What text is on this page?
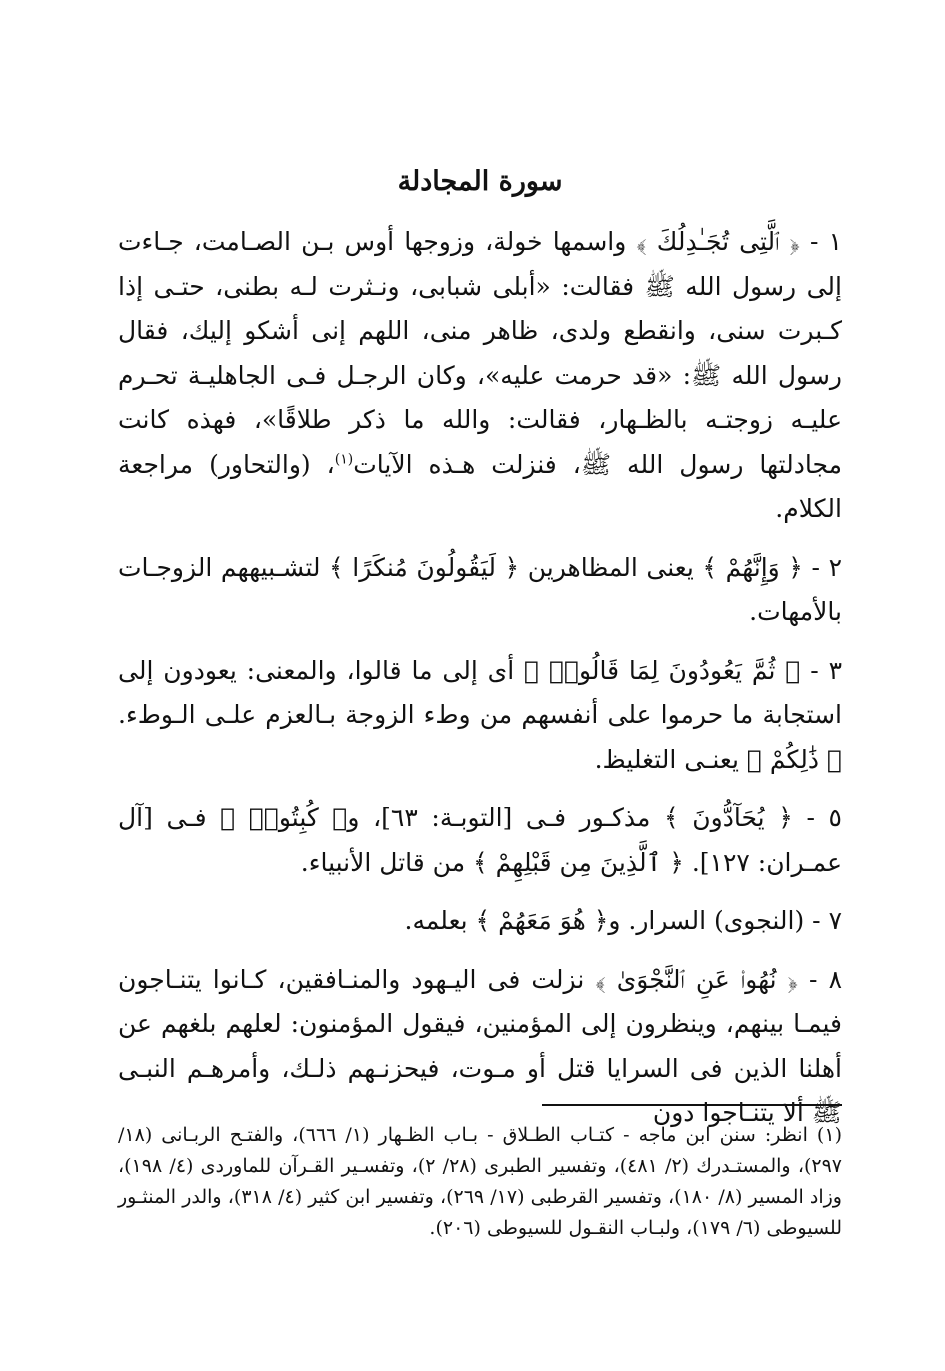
سورة المجادلة

١ - ﴿ ٱلَّتِى تُجَـٰدِلُكَ ﴾ واسمها خولة، وزوجها أوس بـن الصـامت، جـاءت إلى رسول الله ﷺ فقالت: «أبلى شبابى، ونـثرت لـه بطنى، حتـى إذا كـبرت سنى، وانقطع ولدى، ظاهر منى، اللهم إنى أشكو إليك، فقال رسول الله ﷺ: «قد حرمت عليه»، وكان الرجـل فـى الجاهليـة تحـرم عليـه زوجتـه بالظـهار، فقالت: والله ما ذكر طلاقًا»، فهذه كانت مجادلتها رسول الله ﷺ، فنزلت هـذه الآيات$^{(١)}$، (والتحاور) مراجعة الكلام.

٢ - ﴿ وَإِنَّهُمْ ﴾ يعنى المظاهرين ﴿ لَيَقُولُونَ مُنكَرًا ﴾ لتشـبيههم الزوجـات بالأمهات.

٣ - ﴿ ثُمَّ يَعُودُونَ لِمَا قَالُوا۟ ﴾ أى إلى ما قالوا، والمعنى: يعودون إلى استجابة ما حرموا على أنفسهم من وطء الزوجة بـالعزم علـى الـوطء. ﴿ ذَٰلِكُمْ ﴾ يعنـى التغليظ.

٥ - ﴿ يُحَآدُّونَ ﴾ مذكـور فـى [التوبـة: ٦٣]، و﴿ كُبِتُوا۟ ﴾ فـى [آل عمـران: ١٢٧]. ﴿ ٱلَّذِينَ مِن قَبْلِهِمْ ﴾ من قاتل الأنبياء.

٧ - (النجوى) السرار. و﴿ هُوَ مَعَهُمْ ﴾ بعلمه.

٨ - ﴿ نُهُوا۟ عَنِ ٱلنَّجْوَىٰ ﴾ نزلت فى اليـهود والمنـافقين، كـانوا يتنـاجون فيمـا بينهم، وينظرون إلى المؤمنين، فيقول المؤمنون: لعلهم بلغهم عن أهلنا الذين فى السرايا قتل أو مـوت، فيحزنـهم ذلـك، وأمرهـم النبـى ﷺ ألا يتنـاجوا دون

(١) انظر: سنن ابن ماجه - كتـاب الطـلاق - بـاب الظـهار (١/ ٦٦٦)، والفتـح الربـانى (١٨/ ٢٩٧)، والمستـدرك (٢/ ٤٨١)، وتفسير الطبرى (٢٨/ ٢)، وتفسـير القـرآن للماوردى (٤/ ١٩٨)، وزاد المسير (٨/ ١٨٠)، وتفسير القرطبى (١٧/ ٢٦٩)، وتفسير ابن كثير (٤/ ٣١٨)، والدر المنثـور للسيوطى (٦/ ١٧٩)، ولبـاب النقـول للسيوطى (٢٠٦).
